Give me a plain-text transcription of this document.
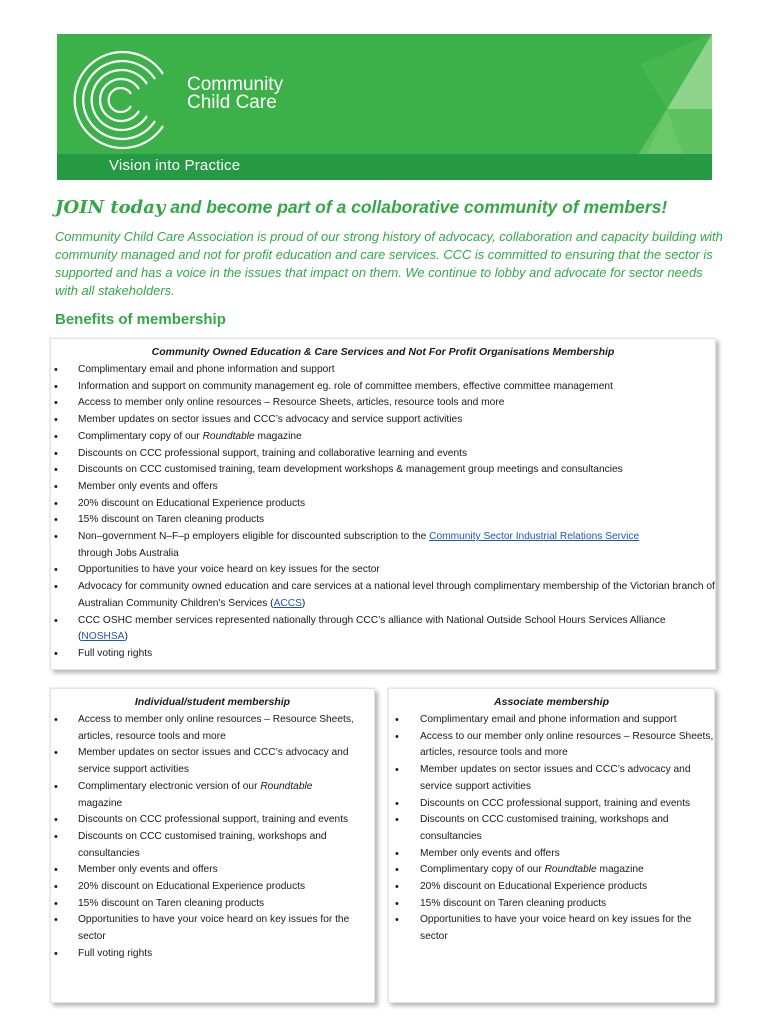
Community
Child Care
Vision into Practice
JOIN today and become part of a collaborative community of members!
Community Child Care Association is proud of our strong history of advocacy, collaboration and capacity building with community managed and not for profit education and care services. CCC is committed to ensuring that the sector is supported and has a voice in the issues that impact on them. We continue to lobby and advocate for sector needs with all stakeholders.
Benefits of membership
Community Owned Education & Care Services and Not For Profit Organisations Membership
• Complimentary email and phone information and support
• Information and support on community management eg. role of committee members, effective committee management
• Access to member only online resources – Resource Sheets, articles, resource tools and more
• Member updates on sector issues and CCC’s advocacy and service support activities
• Complimentary copy of our Roundtable magazine
• Discounts on CCC professional support, training and collaborative learning and events
• Discounts on CCC customised training, team development workshops & management group meetings and consultancies
• Member only events and offers
• 20% discount on Educational Experience products
• 15% discount on Taren cleaning products
• Non–government N–F–p employers eligible for discounted subscription to the Community Sector Industrial Relations Service
through Jobs Australia
• Opportunities to have your voice heard on key issues for the sector
• Advocacy for community owned education and care services at a national level through complimentary membership of the Victorian branch of Australian Community Children's Services (ACCS)
• CCC OSHC member services represented nationally through CCC’s alliance with National Outside School Hours Services Alliance (NOSHSA)
• Full voting rights
Individual/student membership
• Access to member only online resources – Resource Sheets, articles, resource tools and more
• Member updates on sector issues and CCC’s advocacy and service support activities
• Complimentary electronic version of our Roundtable
magazine
• Discounts on CCC professional support, training and events
• Discounts on CCC customised training, workshops and consultancies
• Member only events and offers
• 20% discount on Educational Experience products
• 15% discount on Taren cleaning products
• Opportunities to have your voice heard on key issues for the sector
• Full voting rights
Associate membership
• Complimentary email and phone information and support
• Access to our member only online resources – Resource Sheets, articles, resource tools and more
• Member updates on sector issues and CCC’s advocacy and service support activities
• Discounts on CCC professional support, training and events
• Discounts on CCC customised training, workshops and consultancies
• Member only events and offers
• Complimentary copy of our Roundtable magazine
• 20% discount on Educational Experience products
• 15% discount on Taren cleaning products
• Opportunities to have your voice heard on key issues for the sector
